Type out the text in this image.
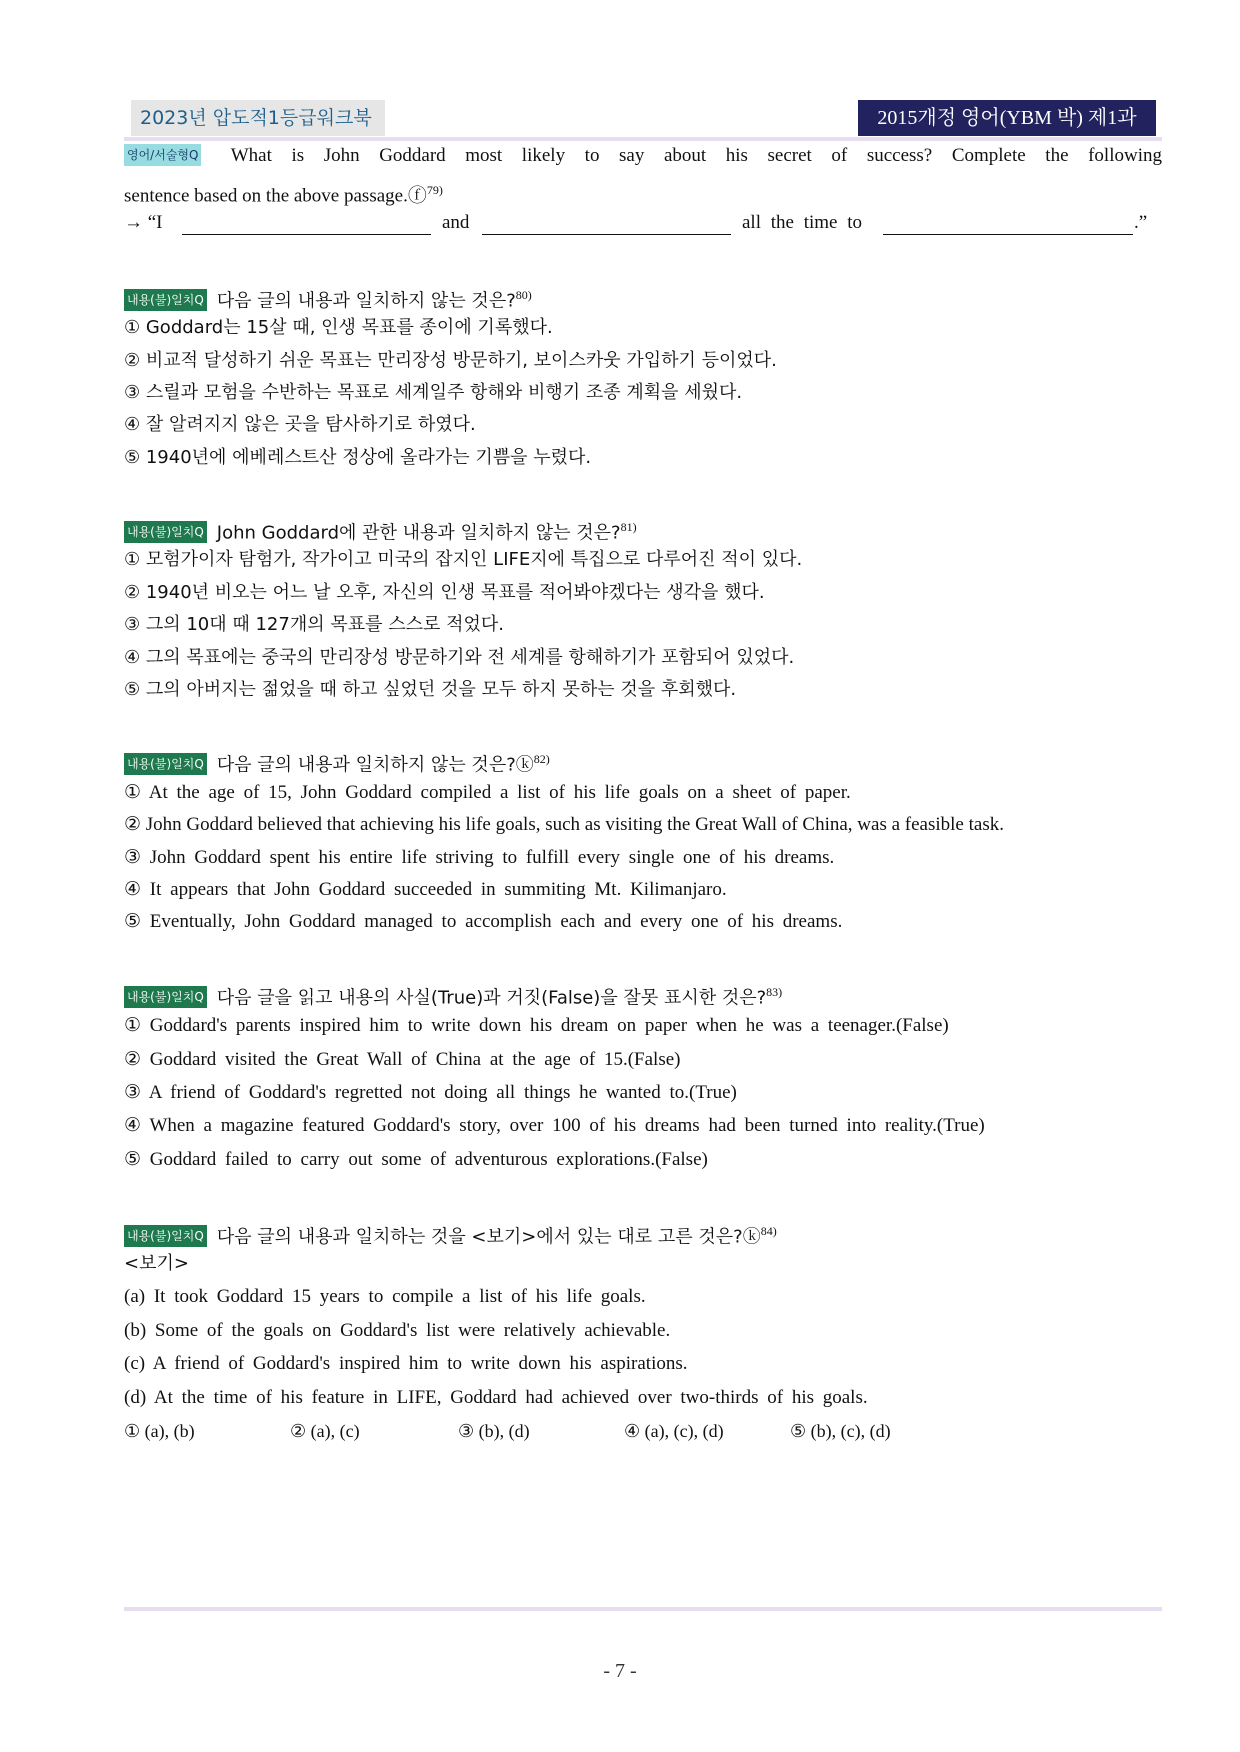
2023년 압도적1등급워크북	2015개정 영어(YBM 박) 제1과
영어/서술형Q What is John Goddard most likely to say about his secret of success? Complete the following
sentence based on the above passage.ⓕ$^{79)}$
→ “I	and	all the time to	.”
내용(불)일치Q 다음 글의 내용과 일치하지 않는 것은?$^{80)}$
① Goddard는 15살 때, 인생 목표를 종이에 기록했다.
② 비교적 달성하기 쉬운 목표는 만리장성 방문하기, 보이스카웃 가입하기 등이었다.
③ 스릴과 모험을 수반하는 목표로 세계일주 항해와 비행기 조종 계획을 세웠다.
④ 잘 알려지지 않은 곳을 탐사하기로 하였다.
⑤ 1940년에 에베레스트산 정상에 올라가는 기쁨을 누렸다.
내용(불)일치Q John Goddard에 관한 내용과 일치하지 않는 것은?$^{81)}$
① 모험가이자 탐험가, 작가이고 미국의 잡지인 LIFE지에 특집으로 다루어진 적이 있다.
② 1940년 비오는 어느 날 오후, 자신의 인생 목표를 적어봐야겠다는 생각을 했다.
③ 그의 10대 때 127개의 목표를 스스로 적었다.
④ 그의 목표에는 중국의 만리장성 방문하기와 전 세계를 항해하기가 포함되어 있었다.
⑤ 그의 아버지는 젊었을 때 하고 싶었던 것을 모두 하지 못하는 것을 후회했다.
내용(불)일치Q 다음 글의 내용과 일치하지 않는 것은?ⓚ$^{82)}$
① At the age of 15, John Goddard compiled a list of his life goals on a sheet of paper.
② John Goddard believed that achieving his life goals, such as visiting the Great Wall of China, was a feasible task.
③ John Goddard spent his entire life striving to fulfill every single one of his dreams.
④ It appears that John Goddard succeeded in summiting Mt. Kilimanjaro.
⑤ Eventually, John Goddard managed to accomplish each and every one of his dreams.
내용(불)일치Q 다음 글을 읽고 내용의 사실(True)과 거짓(False)을 잘못 표시한 것은?$^{83)}$
① Goddard's parents inspired him to write down his dream on paper when he was a teenager.(False)
② Goddard visited the Great Wall of China at the age of 15.(False)
③ A friend of Goddard's regretted not doing all things he wanted to.(True)
④ When a magazine featured Goddard's story, over 100 of his dreams had been turned into reality.(True)
⑤ Goddard failed to carry out some of adventurous explorations.(False)
내용(불)일치Q 다음 글의 내용과 일치하는 것을 <보기>에서 있는 대로 고른 것은?ⓚ$^{84)}$
<보기>
(a) It took Goddard 15 years to compile a list of his life goals.
(b) Some of the goals on Goddard's list were relatively achievable.
(c) A friend of Goddard's inspired him to write down his aspirations.
(d) At the time of his feature in LIFE, Goddard had achieved over two-thirds of his goals.
① (a), (b)	② (a), (c)	③ (b), (d)	④ (a), (c), (d)	⑤ (b), (c), (d)
- 7 -
